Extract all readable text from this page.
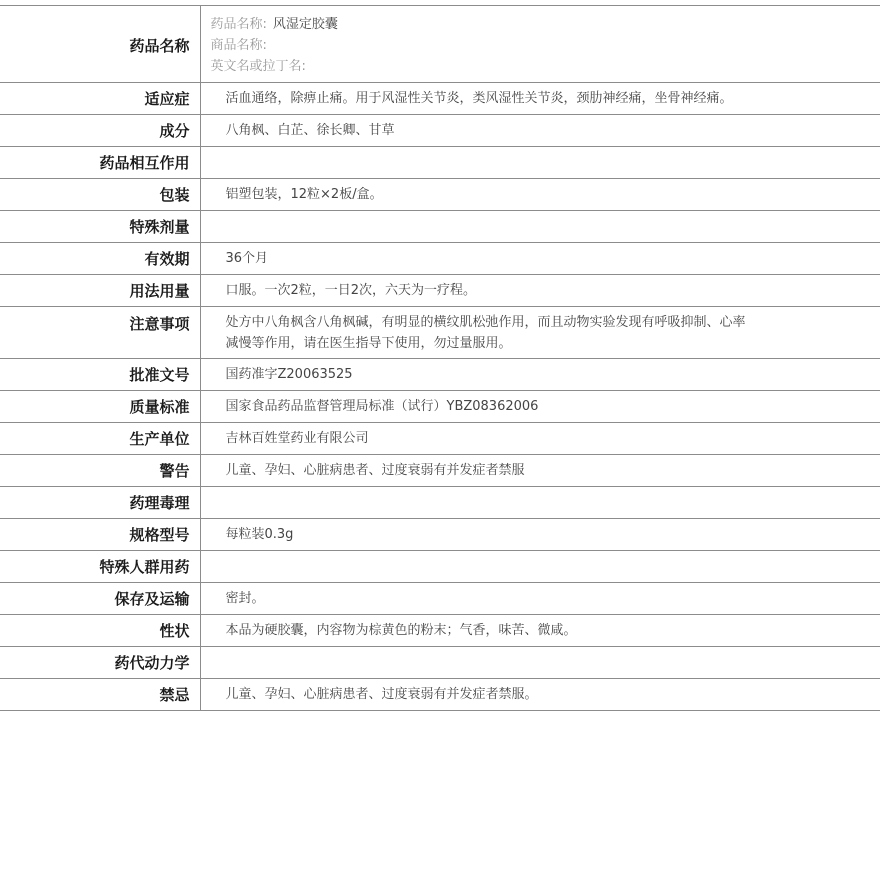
药品名称	药品名称: 风湿定胶囊
商品名称:
英文名或拉丁名:

适应症	活血通络，除痹止痛。用于风湿性关节炎，类风湿性关节炎，颈肋神经痛，坐骨神经痛。
成分	八角枫、白芷、徐长卿、甘草
药品相互作用	
包装	铝塑包装，12粒×2板/盒。
特殊剂量	
有效期	36个月
用法用量	口服。一次2粒，一日2次，六天为一疗程。
注意事项	处方中八角枫含八角枫碱，有明显的横纹肌松弛作用，而且动物实验发现有呼吸抑制、心率
减慢等作用，请在医生指导下使用，勿过量服用。

批准文号	国药准字Z20063525
质量标准	国家食品药品监督管理局标准（试行）YBZ08362006
生产单位	吉林百姓堂药业有限公司
警告	儿童、孕妇、心脏病患者、过度衰弱有并发症者禁服
药理毒理	
规格型号	每粒装0.3g
特殊人群用药	
保存及运输	密封。
性状	本品为硬胶囊，内容物为棕黄色的粉末；气香，味苦、微咸。
药代动力学	
禁忌	儿童、孕妇、心脏病患者、过度衰弱有并发症者禁服。
